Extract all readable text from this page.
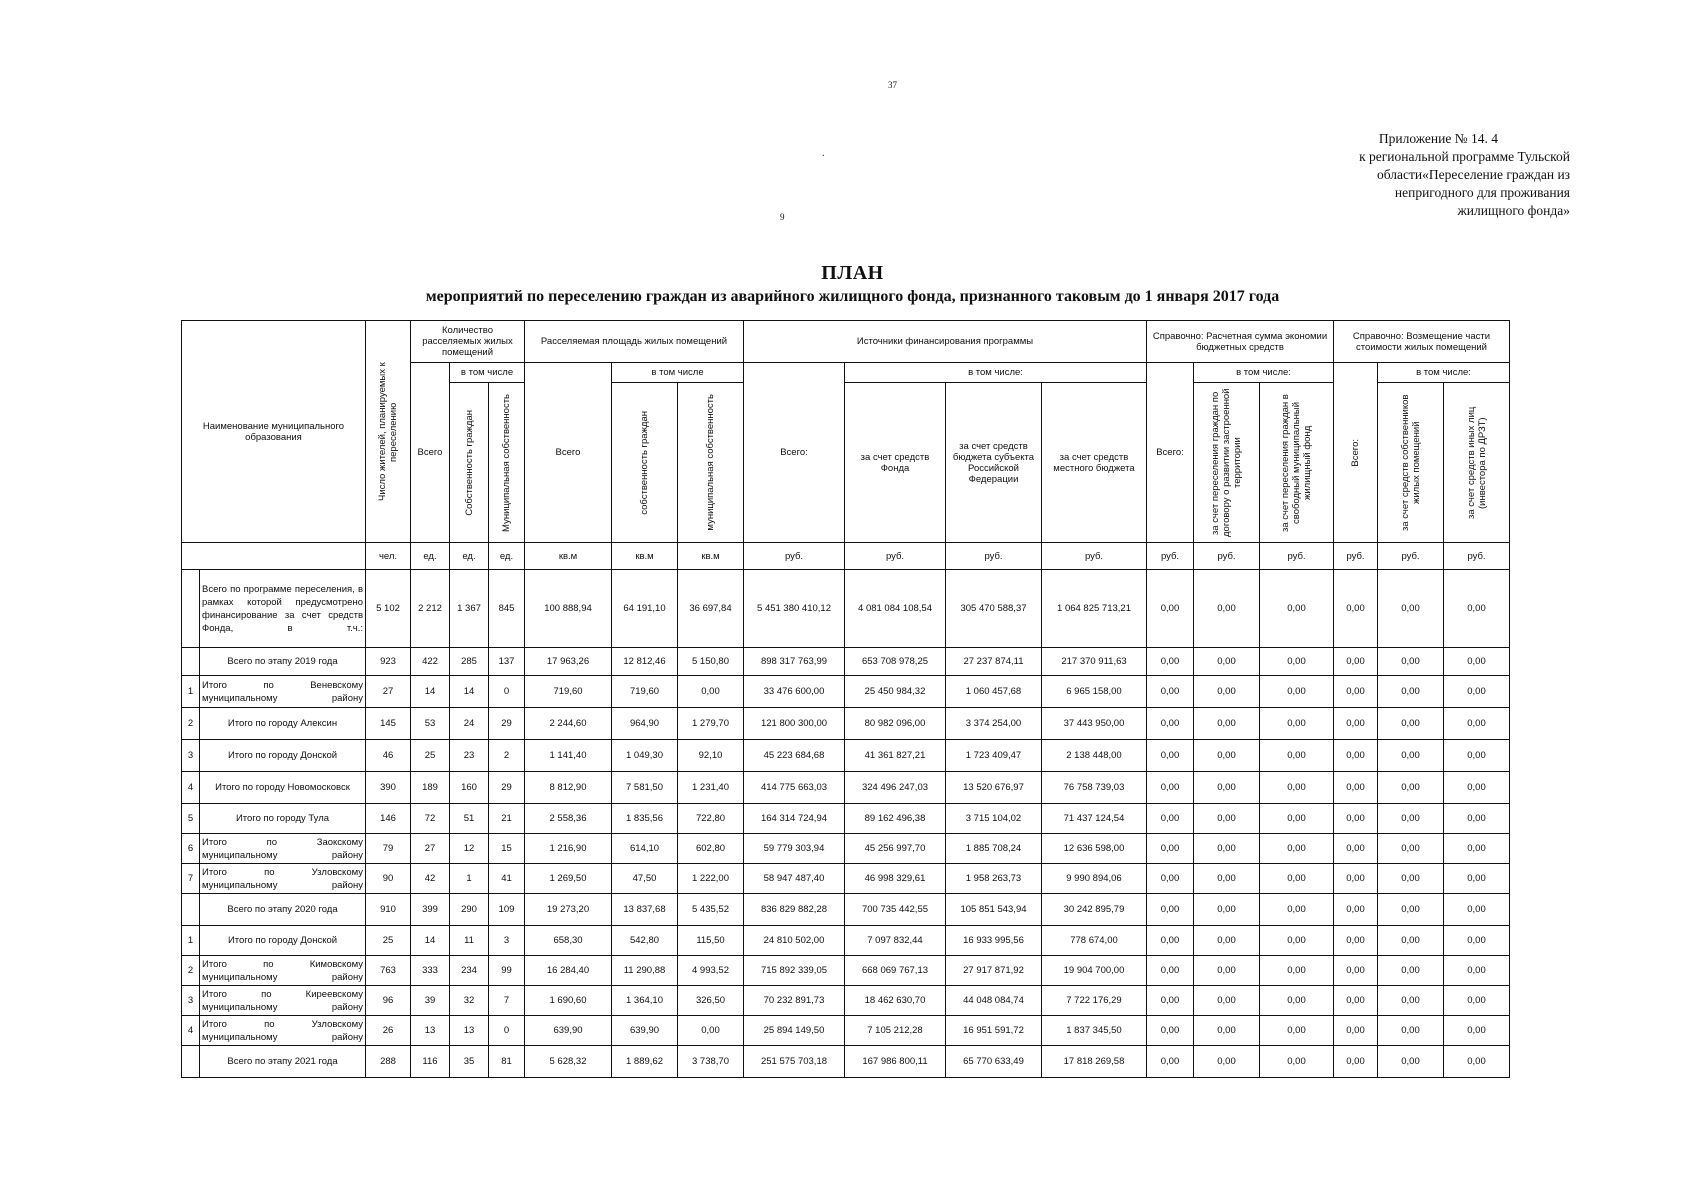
37
.
9
Приложение № 14. 4
к региональной программе Тульской
области«Переселение граждан из
непригодного для проживания
жилищного фонда»
ПЛАН
мероприятий по переселению граждан из аварийного жилищного фонда, признанного таковым до 1 января 2017 года
Наименование муниципального образования		Число жителей, планируемых к переселению	Количество расселяемых жилых помещений			Расселяемая площадь жилых помещений			Источники финансирования программы				Справочно: Расчетная сумма экономии бюджетных средств			Справочно: Возмещение части стоимости жилых помещений		
			Всего	в том числе		Всего	в том числе		Всего:	в том числе:			Всего:	в том числе:		Всего:	в том числе:	

				Собственность граждан	Муниципальная собственность		собственность граждан	муниципальная собственность		за счет средств Фонда	за счет средств бюджета субъекта Российской Федерации	за счет средств местного бюджета		за счет переселения граждан по договору о развитии застроенной территории	за счет переселения граждан в свободный муниципальный жилищный фонд		за счет средств собственников жилых помещений	за счет средств иных лиц (инвестора по ДРЗТ)

		чел.	ед.	ед.	ед.	кв.м	кв.м	кв.м	руб.	руб.	руб.	руб.	руб.	руб.	руб.	руб.	руб.	руб.
	Всего по программе переселения, в рамках которой предусмотрено финансирование за счет средств Фонда, в т.ч.:	5 102	2 212	1 367	845	100 888,94	64 191,10	36 697,84	5 451 380 410,12	4 081 084 108,54	305 470 588,37	1 064 825 713,21	0,00	0,00	0,00	0,00	0,00	0,00
	Всего по этапу 2019 года	923	422	285	137	17 963,26	12 812,46	5 150,80	898 317 763,99	653 708 978,25	27 237 874,11	217 370 911,63	0,00	0,00	0,00	0,00	0,00	0,00
1	Итого по Веневскому муниципальному району	27	14	14	0	719,60	719,60	0,00	33 476 600,00	25 450 984,32	1 060 457,68	6 965 158,00	0,00	0,00	0,00	0,00	0,00	0,00
2	Итого по городу Алексин	145	53	24	29	2 244,60	964,90	1 279,70	121 800 300,00	80 982 096,00	3 374 254,00	37 443 950,00	0,00	0,00	0,00	0,00	0,00	0,00
3	Итого по городу Донской	46	25	23	2	1 141,40	1 049,30	92,10	45 223 684,68	41 361 827,21	1 723 409,47	2 138 448,00	0,00	0,00	0,00	0,00	0,00	0,00
4	Итого по городу Новомосковск	390	189	160	29	8 812,90	7 581,50	1 231,40	414 775 663,03	324 496 247,03	13 520 676,97	76 758 739,03	0,00	0,00	0,00	0,00	0,00	0,00
5	Итого по городу Тула	146	72	51	21	2 558,36	1 835,56	722,80	164 314 724,94	89 162 496,38	3 715 104,02	71 437 124,54	0,00	0,00	0,00	0,00	0,00	0,00
6	Итого по Заокскому муниципальному району	79	27	12	15	1 216,90	614,10	602,80	59 779 303,94	45 256 997,70	1 885 708,24	12 636 598,00	0,00	0,00	0,00	0,00	0,00	0,00
7	Итого по Узловскому муниципальному району	90	42	1	41	1 269,50	47,50	1 222,00	58 947 487,40	46 998 329,61	1 958 263,73	9 990 894,06	0,00	0,00	0,00	0,00	0,00	0,00
	Всего по этапу 2020 года	910	399	290	109	19 273,20	13 837,68	5 435,52	836 829 882,28	700 735 442,55	105 851 543,94	30 242 895,79	0,00	0,00	0,00	0,00	0,00	0,00
1	Итого по городу Донской	25	14	11	3	658,30	542,80	115,50	24 810 502,00	7 097 832,44	16 933 995,56	778 674,00	0,00	0,00	0,00	0,00	0,00	0,00
2	Итого по Кимовскому муниципальному району	763	333	234	99	16 284,40	11 290,88	4 993,52	715 892 339,05	668 069 767,13	27 917 871,92	19 904 700,00	0,00	0,00	0,00	0,00	0,00	0,00
3	Итого по Киреевскому муниципальному району	96	39	32	7	1 690,60	1 364,10	326,50	70 232 891,73	18 462 630,70	44 048 084,74	7 722 176,29	0,00	0,00	0,00	0,00	0,00	0,00
4	Итого по Узловскому муниципальному району	26	13	13	0	639,90	639,90	0,00	25 894 149,50	7 105 212,28	16 951 591,72	1 837 345,50	0,00	0,00	0,00	0,00	0,00	0,00
	Всего по этапу 2021 года	288	116	35	81	5 628,32	1 889,62	3 738,70	251 575 703,18	167 986 800,11	65 770 633,49	17 818 269,58	0,00	0,00	0,00	0,00	0,00	0,00
